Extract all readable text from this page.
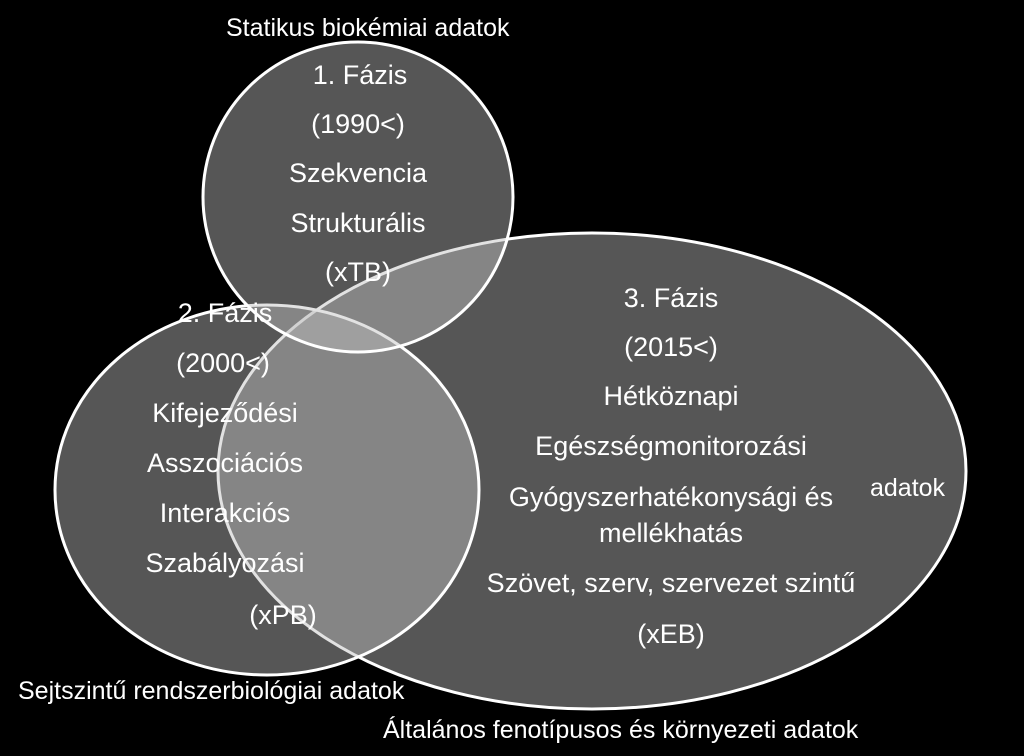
Statikus biokémiai adatok
1. Fázis
(1990<)
Szekvencia
Strukturális
(xTB)
2. Fázis
(2000<)
Kifejeződési
Asszociációs
Interakciós
Szabályozási
(xPB)
3. Fázis
(2015<)
Hétköznapi
Egészségmonitorozási
Gyógyszerhatékonysági és
mellékhatás
Szövet, szerv, szervezet szintű
(xEB)
adatok
Sejtszintű rendszerbiológiai adatok
Általános fenotípusos és környezeti adatok
